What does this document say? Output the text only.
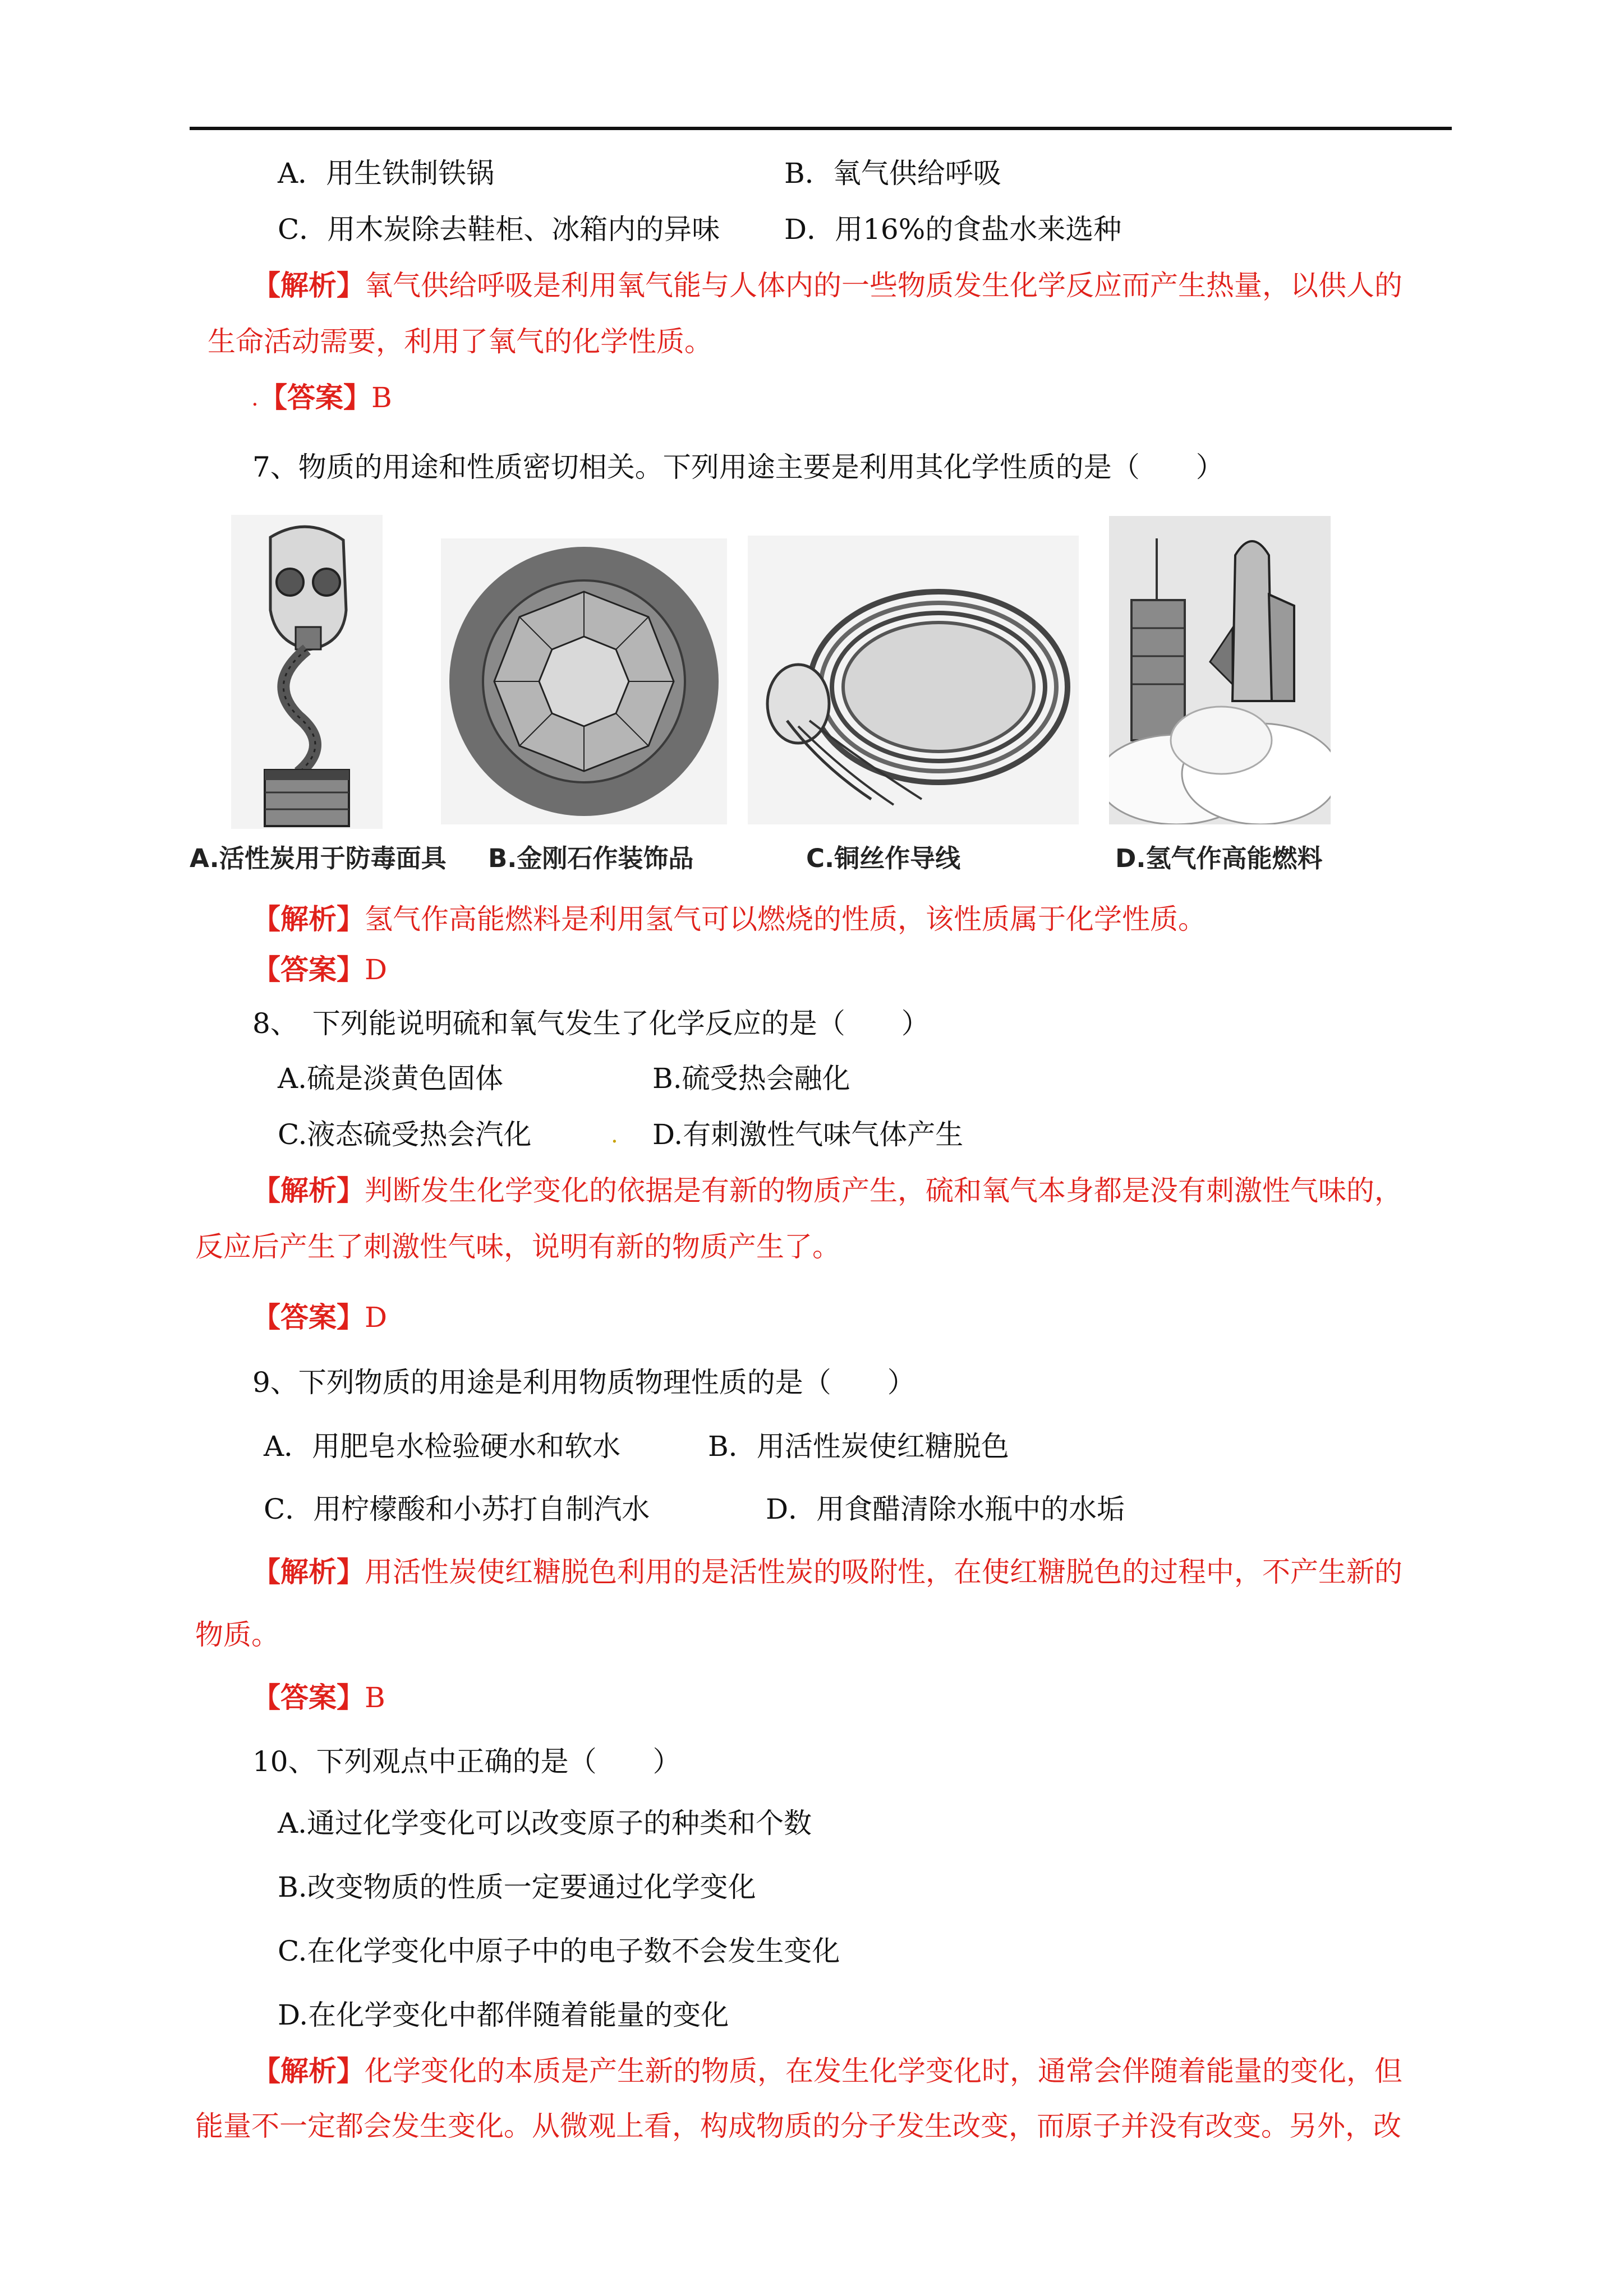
A．用生铁制铁锅	B．氧气供给呼吸
C．用木炭除去鞋柜、冰箱内的异味 D．用16%的食盐水来选种
【解析】氧气供给呼吸是利用氧气能与人体内的一些物质发生化学反应而产生热量，以供人的
生命活动需要，利用了氧气的化学性质。
. 【答案】B
7、物质的用途和性质密切相关。下列用途主要是利用其化学性质的是（　　）
A.活性炭用于防毒面具 B.金刚石作装饰品	C.铜丝作导线	D.氢气作高能燃料
【解析】氢气作高能燃料是利用氢气可以燃烧的性质，该性质属于化学性质。
【答案】D
8、　下列能说明硫和氧气发生了化学反应的是（　　）
A.硫是淡黄色固体	B.硫受热会融化
C.液态硫受热会汽化	. D.有刺激性气味气体产生
【解析】判断发生化学变化的依据是有新的物质产生，硫和氧气本身都是没有刺激性气味的，
反应后产生了刺激性气味，说明有新的物质产生了。
【答案】D
9、下列物质的用途是利用物质物理性质的是（　　）
A．用肥皂水检验硬水和软水	B．用活性炭使红糖脱色
C．用柠檬酸和小苏打自制汽水	D．用食醋清除水瓶中的水垢
【解析】用活性炭使红糖脱色利用的是活性炭的吸附性，在使红糖脱色的过程中，不产生新的
物质。
【答案】B
10、下列观点中正确的是（　　）
A.通过化学变化可以改变原子的种类和个数
B.改变物质的性质一定要通过化学变化
C.在化学变化中原子中的电子数不会发生变化
D.在化学变化中都伴随着能量的变化
【解析】化学变化的本质是产生新的物质，在发生化学变化时，通常会伴随着能量的变化，但
能量不一定都会发生变化。从微观上看，构成物质的分子发生改变，而原子并没有改变。另外，改
